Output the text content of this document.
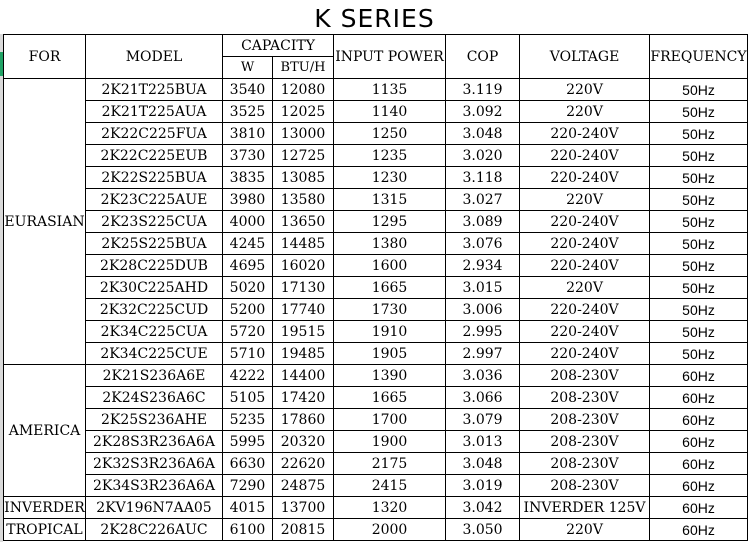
K SERIES
FOR	MODEL	CAPACITY		INPUT POWER	COP	VOLTAGE	FREQUENCY
		W	BTU/H				
EURASIAN	2K21T225BUA	3540	12080	1135	3.119	220V	50Hz
	2K21T225AUA	3525	12025	1140	3.092	220V	50Hz
	2K22C225FUA	3810	13000	1250	3.048	220-240V	50Hz
	2K22C225EUB	3730	12725	1235	3.020	220-240V	50Hz
	2K22S225BUA	3835	13085	1230	3.118	220-240V	50Hz
	2K23C225AUE	3980	13580	1315	3.027	220V	50Hz
	2K23S225CUA	4000	13650	1295	3.089	220-240V	50Hz
	2K25S225BUA	4245	14485	1380	3.076	220-240V	50Hz
	2K28C225DUB	4695	16020	1600	2.934	220-240V	50Hz
	2K30C225AHD	5020	17130	1665	3.015	220V	50Hz
	2K32C225CUD	5200	17740	1730	3.006	220-240V	50Hz
	2K34C225CUA	5720	19515	1910	2.995	220-240V	50Hz
	2K34C225CUE	5710	19485	1905	2.997	220-240V	50Hz
AMERICA	2K21S236A6E	4222	14400	1390	3.036	208-230V	60Hz
	2K24S236A6C	5105	17420	1665	3.066	208-230V	60Hz
	2K25S236AHE	5235	17860	1700	3.079	208-230V	60Hz
	2K28S3R236A6A	5995	20320	1900	3.013	208-230V	60Hz
	2K32S3R236A6A	6630	22620	2175	3.048	208-230V	60Hz
	2K34S3R236A6A	7290	24875	2415	3.019	208-230V	60Hz
INVERDER	2KV196N7AA05	4015	13700	1320	3.042	INVERDER 125V	60Hz
TROPICAL	2K28C226AUC	6100	20815	2000	3.050	220V	60Hz
